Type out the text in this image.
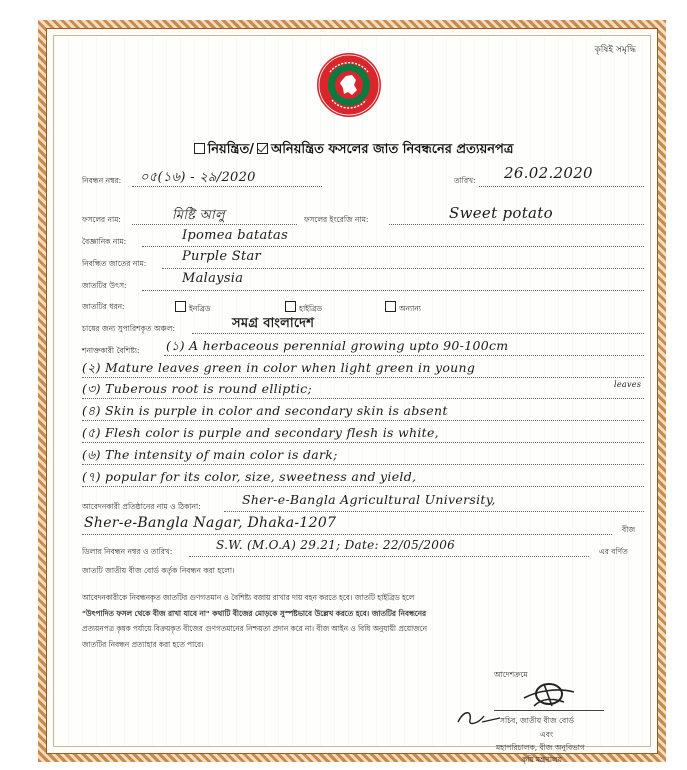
কৃষিই সমৃদ্ধি
নিয়ন্ত্রিত/ অনিয়ন্ত্রিত ফসলের জাত নিবন্ধনের প্রত্যয়নপত্র
নিবন্ধন নম্বর: ০৫(১৬) - ২৯/2020	তারিখ: 26.02.2020
ফসলের নাম:	মিষ্টি আলু	ফসলের ইংরেজি নাম:	Sweet potato
বৈজ্ঞানিক নাম:	Ipomea batatas
নিবন্ধিত জাতের নাম:	Purple Star
জাতটির উৎস:	Malaysia
জাতটির ধরন:	ইনব্রিড	হাইব্রিড	অন্যান্য
চাষের জন্য সুপারিশকৃত অঞ্চল:	সমগ্র বাংলাদেশ
শনাক্তকারী বৈশিষ্ট্য: (১) A herbaceous perennial growing upto 90-100cm
(২) Mature leaves green in color when light green in young
leaves
(৩) Tuberous root is round elliptic;
(৪) Skin is purple in color and secondary skin is absent
(৫) Flesh color is purple and secondary flesh is white,
(৬) The intensity of main color is dark;
(৭) popular for its color, size, sweetness and yield,
আবেদনকারী প্রতিষ্ঠানের নাম ও ঠিকানা:	Sher-e-Bangla Agricultural University,
Sher-e-Bangla Nagar, Dhaka-1207	বীজ
ডিলার নিবন্ধন নম্বর ও তারিখ:	S.W. (M.O.A) 29.21; Date: 22/05/2006	এর বর্ণিত
জাতটি জাতীয় বীজ বোর্ড কর্তৃক নিবন্ধন করা হলো।
আবেদনকারীকে নিবন্ধনকৃত জাতটির গুণগতমান ও বৈশিষ্ট্য বজায় রাখার দায় বহন করতে হবে। জাতটি হাইব্রিড হলে
"উৎপাদিত ফসল থেকে বীজ রাখা যাবে না" কথাটি বীজের মোড়কে সুস্পষ্টভাবে উল্লেখ করতে হবে। জাতটির নিবন্ধনের
প্রত্যয়নপত্র কৃষক পর্যায়ে বিক্রয়কৃত বীজের গুণগতমানের নিশ্চয়তা প্রদান করে না। বীজ আইন ও বিধি অনুযায়ী প্রয়োজনে
জাতটির নিবন্ধন প্রত্যাহার করা হতে পারে।
আদেশক্রমে
সচিব, জাতীয় বীজ বোর্ড
এবং
মহাপরিচালক, বীজ অনুবিভাগ
কৃষি মন্ত্রণালয়
